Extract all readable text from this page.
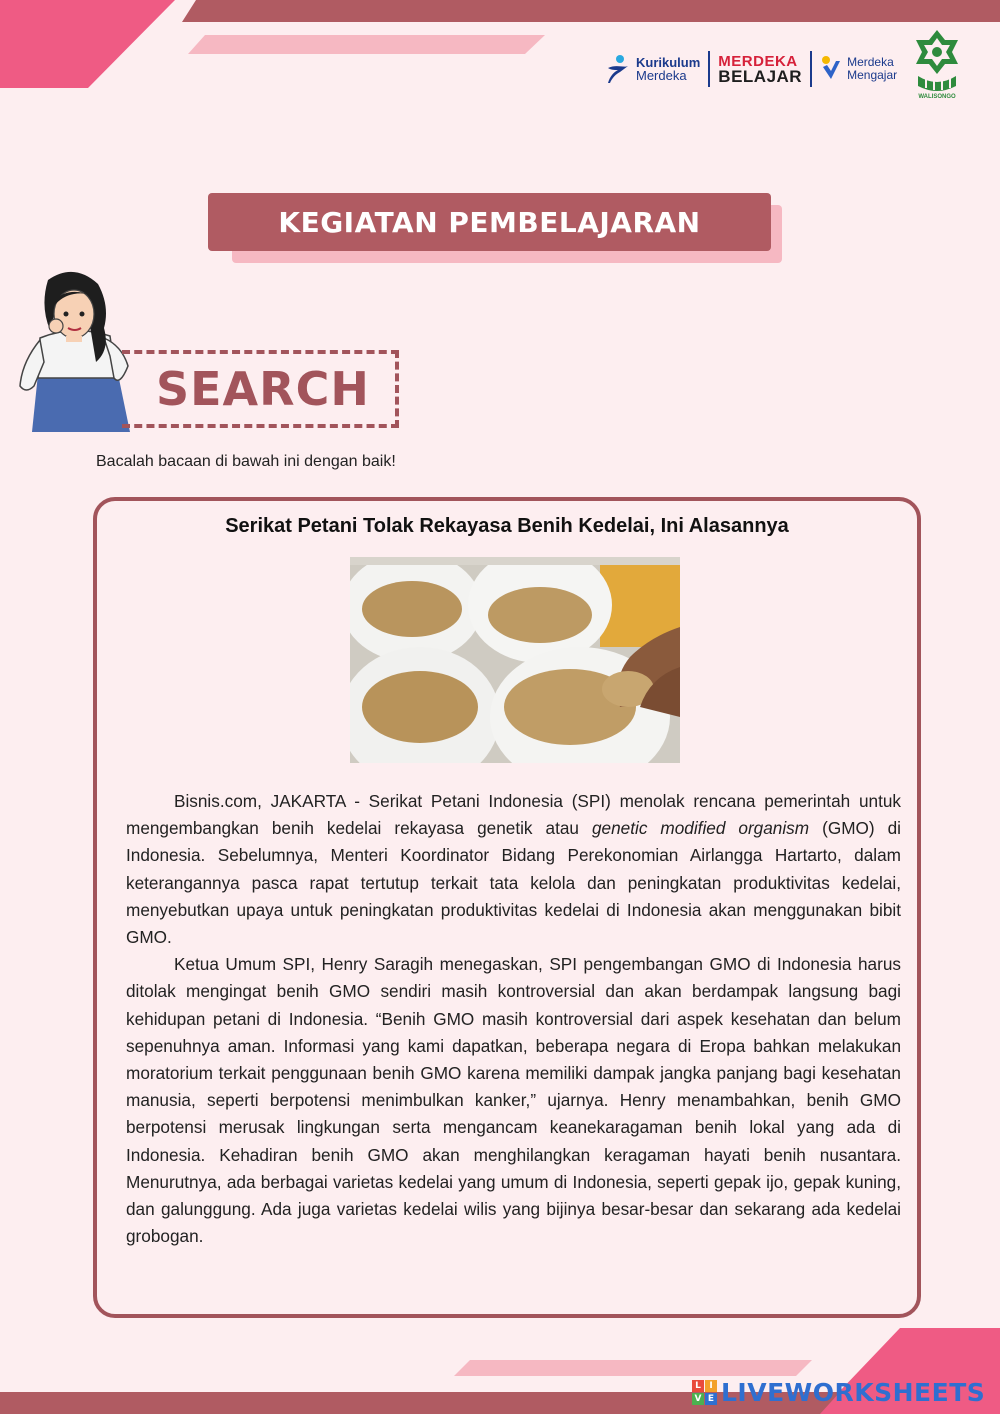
Kurikulum
Merdeka
MERDEKA
BELAJAR
Merdeka
Mengajar
WALISONGO
KEGIATAN PEMBELAJARAN
SEARCH
Bacalah bacaan di bawah ini dengan baik!
Serikat Petani Tolak Rekayasa Benih Kedelai, Ini Alasannya

Bisnis.com, JAKARTA - Serikat Petani Indonesia (SPI) menolak rencana pemerintah untuk mengembangkan benih kedelai rekayasa genetik atau genetic modified organism (GMO) di Indonesia. Sebelumnya, Menteri Koordinator Bidang Perekonomian Airlangga Hartarto, dalam keterangannya pasca rapat tertutup terkait tata kelola dan peningkatan produktivitas kedelai, menyebutkan upaya untuk peningkatan produktivitas kedelai di Indonesia akan menggunakan bibit GMO.

Ketua Umum SPI, Henry Saragih menegaskan, SPI pengembangan GMO di Indonesia harus ditolak mengingat benih GMO sendiri masih kontroversial dan akan berdampak langsung bagi kehidupan petani di Indonesia. “Benih GMO masih kontroversial dari aspek kesehatan dan belum sepenuhnya aman. Informasi yang kami dapatkan, beberapa negara di Eropa bahkan melakukan moratorium terkait penggunaan benih GMO karena memiliki dampak jangka panjang bagi kesehatan manusia, seperti berpotensi menimbulkan kanker,” ujarnya. Henry menambahkan, benih GMO berpotensi merusak lingkungan serta mengancam keanekaragaman benih lokal yang ada di Indonesia. Kehadiran benih GMO akan menghilangkan keragaman hayati benih nusantara. Menurutnya, ada berbagai varietas kedelai yang umum di Indonesia, seperti gepak ijo, gepak kuning, dan galunggung. Ada juga varietas kedelai wilis yang bijinya besar-besar dan sekarang ada kedelai grobogan.

L I
V E LIVEWORKSHEETS
